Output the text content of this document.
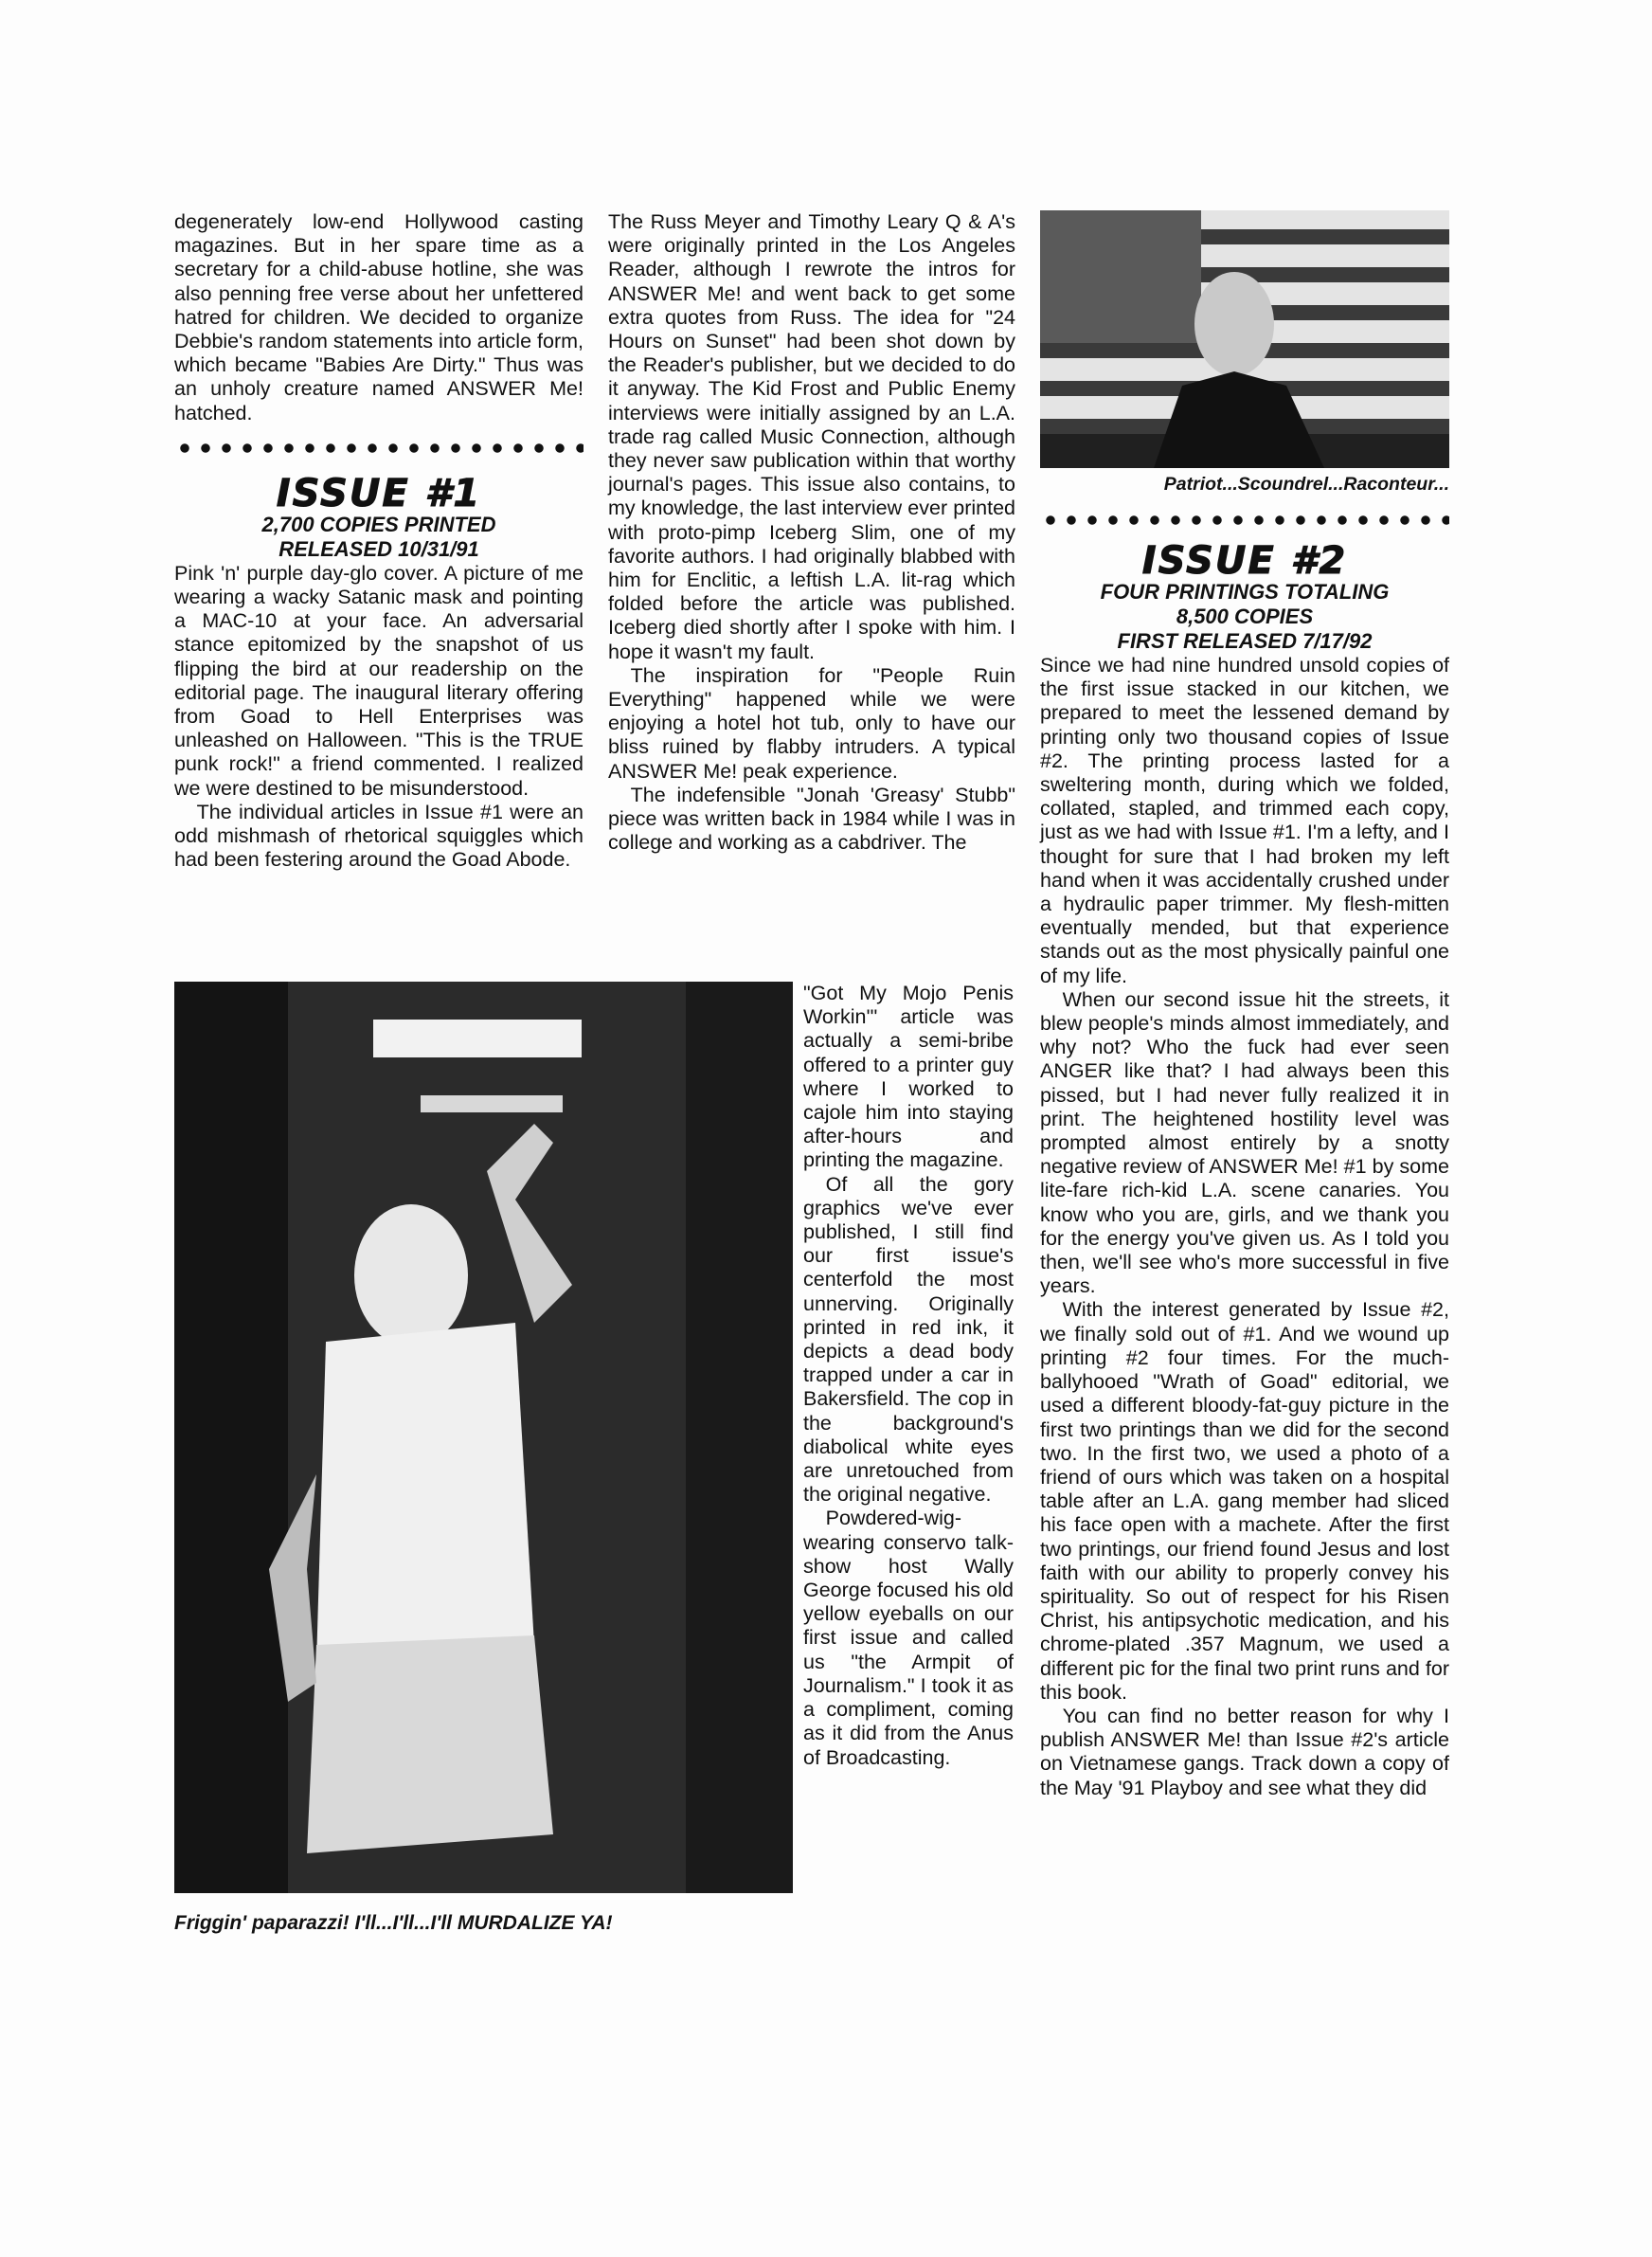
degenerately low-end Hollywood casting magazines. But in her spare time as a secretary for a child-abuse hotline, she was also penning free verse about her unfettered hatred for children. We decided to organize Debbie's random statements into article form, which became "Babies Are Dirty." Thus was an unholy creature named ANSWER Me! hatched.

ISSUE #1
2,700 COPIES PRINTED
RELEASED 10/31/91

Pink 'n' purple day-glo cover. A picture of me wearing a wacky Satanic mask and pointing a MAC-10 at your face. An adversarial stance epitomized by the snapshot of us flipping the bird at our readership on the editorial page. The inaugural literary offering from Goad to Hell Enterprises was unleashed on Halloween. "This is the TRUE punk rock!" a friend commented. I realized we were destined to be misunderstood.

The individual articles in Issue #1 were an odd mishmash of rhetorical squiggles which had been festering around the Goad Abode.

The Russ Meyer and Timothy Leary Q & A's were originally printed in the Los Angeles Reader, although I rewrote the intros for ANSWER Me! and went back to get some extra quotes from Russ. The idea for "24 Hours on Sunset" had been shot down by the Reader's publisher, but we decided to do it anyway. The Kid Frost and Public Enemy interviews were initially assigned by an L.A. trade rag called Music Connection, although they never saw publication within that worthy journal's pages. This issue also contains, to my knowledge, the last interview ever printed with proto-pimp Iceberg Slim, one of my favorite authors. I had originally blabbed with him for Enclitic, a leftish L.A. lit-rag which folded before the article was published. Iceberg died shortly after I spoke with him. I hope it wasn't my fault.

The inspiration for "People Ruin Everything" happened while we were enjoying a hotel hot tub, only to have our bliss ruined by flabby intruders. A typical ANSWER Me! peak experience.

The indefensible "Jonah 'Greasy' Stubb" piece was written back in 1984 while I was in college and working as a cabdriver. The

Friggin' paparazzi! I'll...I'll...I'll MURDALIZE YA!

"Got My Mojo Penis Workin'" article was actually a semi-bribe offered to a printer guy where I worked to cajole him into staying after-hours and printing the magazine.

Of all the gory graphics we've ever published, I still find our first issue's centerfold the most unnerving. Originally printed in red ink, it depicts a dead body trapped under a car in Bakersfield. The cop in the background's diabolical white eyes are unretouched from the original negative.

Powdered-wig-wearing conservo talk-show host Wally George focused his old yellow eyeballs on our first issue and called us "the Armpit of Journalism." I took it as a compliment, coming as it did from the Anus of Broadcasting.

Patriot...Scoundrel...Raconteur...
ISSUE #2
FOUR PRINTINGS TOTALING
8,500 COPIES
FIRST RELEASED 7/17/92

Since we had nine hundred unsold copies of the first issue stacked in our kitchen, we prepared to meet the lessened demand by printing only two thousand copies of Issue #2. The printing process lasted for a sweltering month, during which we folded, collated, stapled, and trimmed each copy, just as we had with Issue #1. I'm a lefty, and I thought for sure that I had broken my left hand when it was accidentally crushed under a hydraulic paper trimmer. My flesh-mitten eventually mended, but that experience stands out as the most physically painful one of my life.

When our second issue hit the streets, it blew people's minds almost immediately, and why not? Who the fuck had ever seen ANGER like that? I had always been this pissed, but I had never fully realized it in print. The heightened hostility level was prompted almost entirely by a snotty negative review of ANSWER Me! #1 by some lite-fare rich-kid L.A. scene canaries. You know who you are, girls, and we thank you for the energy you've given us. As I told you then, we'll see who's more successful in five years.

With the interest generated by Issue #2, we finally sold out of #1. And we wound up printing #2 four times. For the much-ballyhooed "Wrath of Goad" editorial, we used a different bloody-fat-guy picture in the first two printings than we did for the second two. In the first two, we used a photo of a friend of ours which was taken on a hospital table after an L.A. gang member had sliced his face open with a machete. After the first two printings, our friend found Jesus and lost faith with our ability to properly convey his spirituality. So out of respect for his Risen Christ, his antipsychotic medication, and his chrome-plated .357 Magnum, we used a different pic for the final two print runs and for this book.

You can find no better reason for why I publish ANSWER Me! than Issue #2's article on Vietnamese gangs. Track down a copy of the May '91 Playboy and see what they did
